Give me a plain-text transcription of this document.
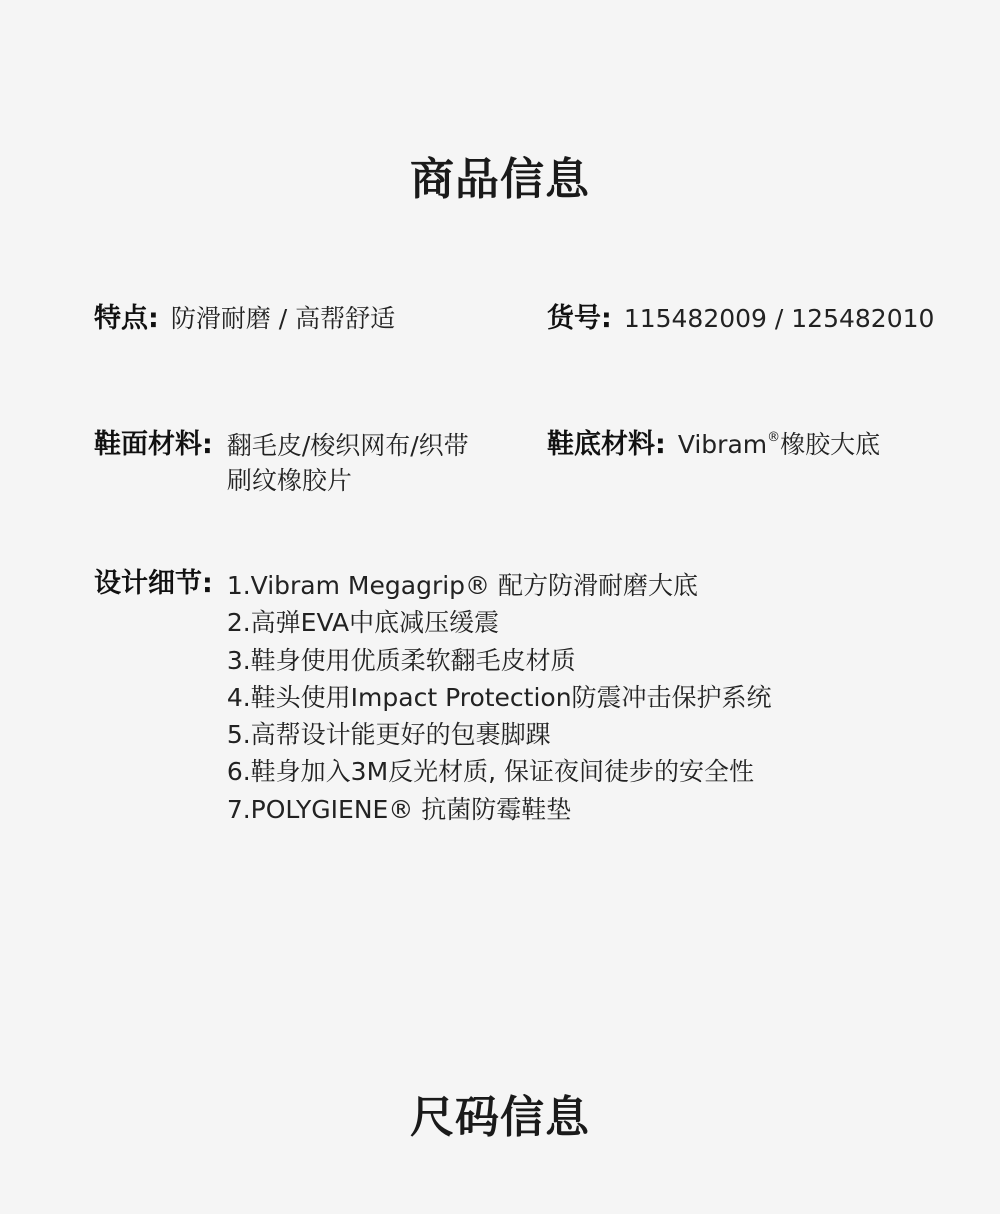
商品信息
特点: 防滑耐磨 / 高帮舒适	货号: 115482009 / 125482010
鞋面材料: 翻毛皮/梭织网布/织带
刷纹橡胶片
鞋底材料: Vibram®橡胶大底
设计细节: 1.Vibram Megagrip® 配方防滑耐磨大底
2.高弹EVA中底减压缓震
3.鞋身使用优质柔软翻毛皮材质
4.鞋头使用Impact Protection防震冲击保护系统
5.高帮设计能更好的包裹脚踝
6.鞋身加入3M反光材质, 保证夜间徒步的安全性
7.POLYGIENE® 抗菌防霉鞋垫
尺码信息
